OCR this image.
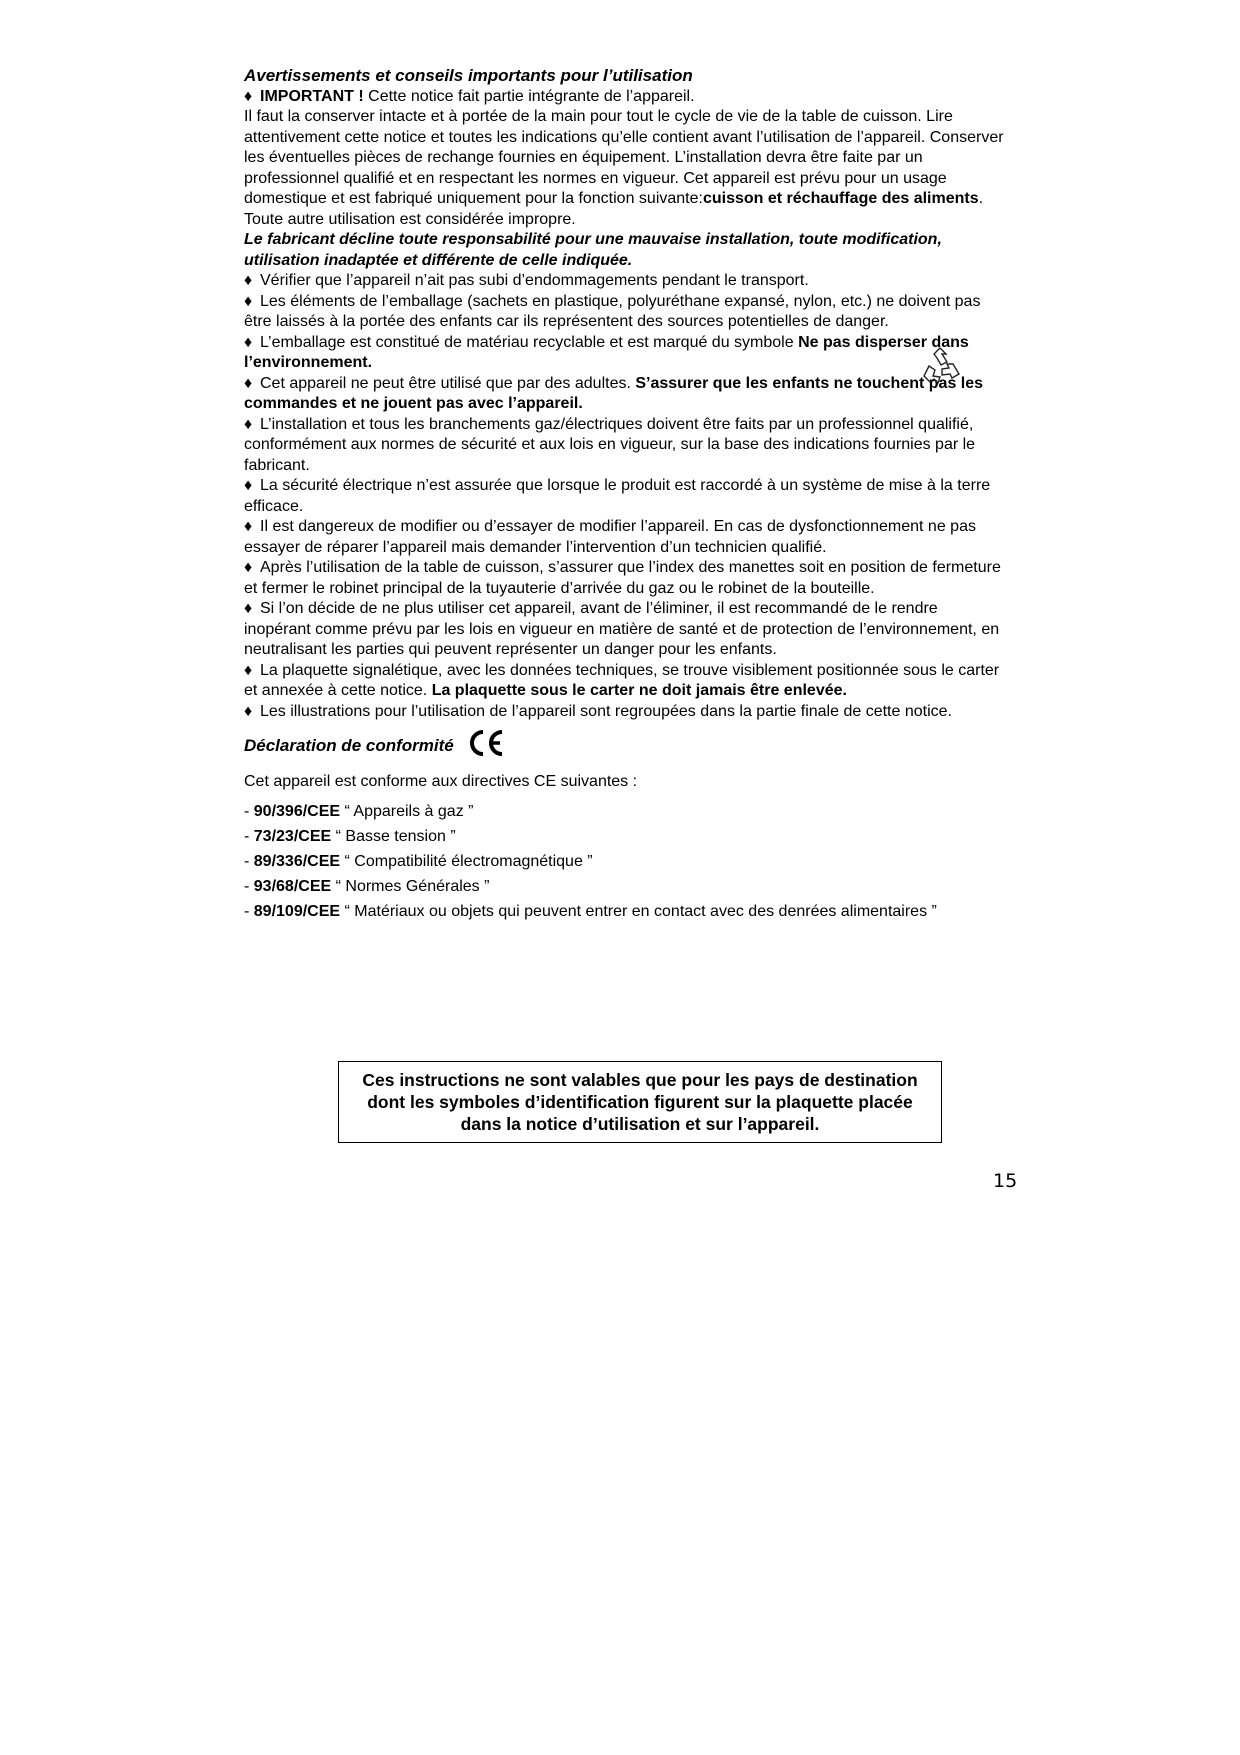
Avertissements et conseils importants pour l’utilisation

♦ IMPORTANT ! Cette notice fait partie intégrante de l’appareil.

Il faut la conserver intacte et à portée de la main pour tout le cycle de vie de la table de cuisson. Lire attentivement cette notice et toutes les indications qu’elle contient avant l’utilisation de l’appareil. Conserver les éventuelles pièces de rechange fournies en équipement. L’installation devra être faite par un professionnel qualifié et en respectant les normes en vigueur. Cet appareil est prévu pour un usage domestique et est fabriqué uniquement pour la fonction suivante:cuisson et réchauffage des aliments. Toute autre utilisation est considérée impropre.

Le fabricant décline toute responsabilité pour une mauvaise installation, toute modification, utilisation inadaptée et différente de celle indiquée.

♦ Vérifier que l’appareil n’ait pas subi d’endommagements pendant le transport.

♦ Les éléments de l’emballage (sachets en plastique, polyuréthane expansé, nylon, etc.) ne doivent pas être laissés à la portée des enfants car ils représentent des sources potentielles de danger.

♦ L’emballage est constitué de matériau recyclable et est marqué du symbole Ne pas disperser dans l’environnement.

♦ Cet appareil ne peut être utilisé que par des adultes. S’assurer que les enfants ne touchent pas les commandes et ne jouent pas avec l’appareil.

♦ L’installation et tous les branchements gaz/électriques doivent être faits par un professionnel qualifié, conformément aux normes de sécurité et aux lois en vigueur, sur la base des indications fournies par le fabricant.

♦ La sécurité électrique n’est assurée que lorsque le produit est raccordé à un système de mise à la terre efficace.

♦ Il est dangereux de modifier ou d’essayer de modifier l’appareil. En cas de dysfonctionnement ne pas essayer de réparer l’appareil mais demander l’intervention d’un technicien qualifié.

♦ Après l’utilisation de la table de cuisson, s’assurer que l’index des manettes soit en position de fermeture et fermer le robinet principal de la tuyauterie d’arrivée du gaz ou le robinet de la bouteille.

♦ Si l’on décide de ne plus utiliser cet appareil, avant de l’éliminer, il est recommandé de le rendre inopérant comme prévu par les lois en vigueur en matière de santé et de protection de l’environnement, en neutralisant les parties qui peuvent représenter un danger pour les enfants.

♦ La plaquette signalétique, avec les données techniques, se trouve visiblement positionnée sous le carter et annexée à cette notice. La plaquette sous le carter ne doit jamais être enlevée.

♦ Les illustrations pour l’utilisation de l’appareil sont regroupées dans la partie finale de cette notice.

Déclaration de conformité

Cet appareil est conforme aux directives CE suivantes :

- 90/396/CEE “ Appareils à gaz ”

- 73/23/CEE “ Basse tension ”

- 89/336/CEE “ Compatibilité électromagnétique ”

- 93/68/CEE “ Normes Générales ”

- 89/109/CEE “ Matériaux ou objets qui peuvent entrer en contact avec des denrées alimentaires ”

Ces instructions ne sont valables que pour les pays de destination dont les symboles d’identification figurent sur la plaquette placée dans la notice d’utilisation et sur l’appareil.
15
